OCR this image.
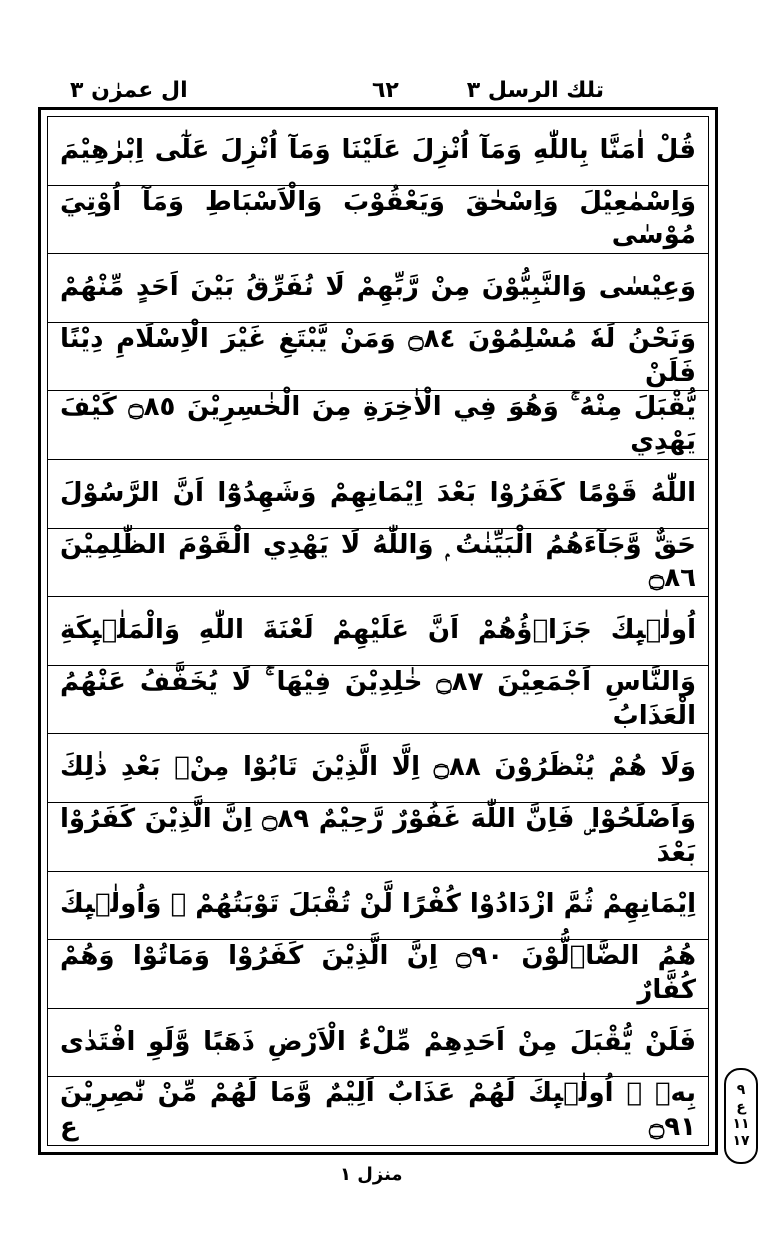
تلك الرسل ٣
٦٢
ال عمرٰن ٣
قُلْ اٰمَنَّا بِاللّٰهِ وَمَآ اُنْزِلَ عَلَيْنَا وَمَآ اُنْزِلَ عَلٰٓى اِبْرٰهِيْمَ
وَاِسْمٰعِيْلَ وَاِسْحٰقَ وَيَعْقُوْبَ وَالْاَسْبَاطِ وَمَآ اُوْتِيَ مُوْسٰى
وَعِيْسٰى وَالنَّبِيُّوْنَ مِنْ رَّبِّهِمْ لَا نُفَرِّقُ بَيْنَ اَحَدٍ مِّنْهُمْ
وَنَحْنُ لَهٗ مُسْلِمُوْنَ ۝٨٤ وَمَنْ يَّبْتَغِ غَيْرَ الْاِسْلَامِ دِيْنًا فَلَنْ
يُّقْبَلَ مِنْهُ ۚ وَهُوَ فِي الْاٰخِرَةِ مِنَ الْخٰسِرِيْنَ ۝٨٥ كَيْفَ يَهْدِي
اللّٰهُ قَوْمًا كَفَرُوْا بَعْدَ اِيْمَانِهِمْ وَشَهِدُوْٓا اَنَّ الرَّسُوْلَ
حَقٌّ وَّجَآءَهُمُ الْبَيِّنٰتُ ۭ وَاللّٰهُ لَا يَهْدِي الْقَوْمَ الظّٰلِمِيْنَ ۝٨٦
اُولٰۗىِٕكَ جَزَاۗؤُهُمْ اَنَّ عَلَيْهِمْ لَعْنَةَ اللّٰهِ وَالْمَلٰۗىِٕكَةِ
وَالنَّاسِ اَجْمَعِيْنَ ۝٨٧ خٰلِدِيْنَ فِيْهَا ۚ لَا يُخَفَّفُ عَنْهُمُ الْعَذَابُ
وَلَا هُمْ يُنْظَرُوْنَ ۝٨٨ اِلَّا الَّذِيْنَ تَابُوْا مِنْۢ بَعْدِ ذٰلِكَ
وَاَصْلَحُوْا ۣ فَاِنَّ اللّٰهَ غَفُوْرٌ رَّحِيْمٌ ۝٨٩ اِنَّ الَّذِيْنَ كَفَرُوْا بَعْدَ
اِيْمَانِهِمْ ثُمَّ ازْدَادُوْا كُفْرًا لَّنْ تُقْبَلَ تَوْبَتُهُمْ ۚ وَاُولٰۗىِٕكَ
هُمُ الضَّاۗلُّوْنَ ۝٩٠ اِنَّ الَّذِيْنَ كَفَرُوْا وَمَاتُوْا وَهُمْ كُفَّارٌ
فَلَنْ يُّقْبَلَ مِنْ اَحَدِهِمْ مِّلْءُ الْاَرْضِ ذَهَبًا وَّلَوِ افْتَدٰى
بِهٖ ۭ اُولٰۗىِٕكَ لَهُمْ عَذَابٌ اَلِيْمٌ وَّمَا لَهُمْ مِّنْ نّٰصِرِيْنَ ۝٩١ ع
٩
ع
١١
١٧
منزل ١
